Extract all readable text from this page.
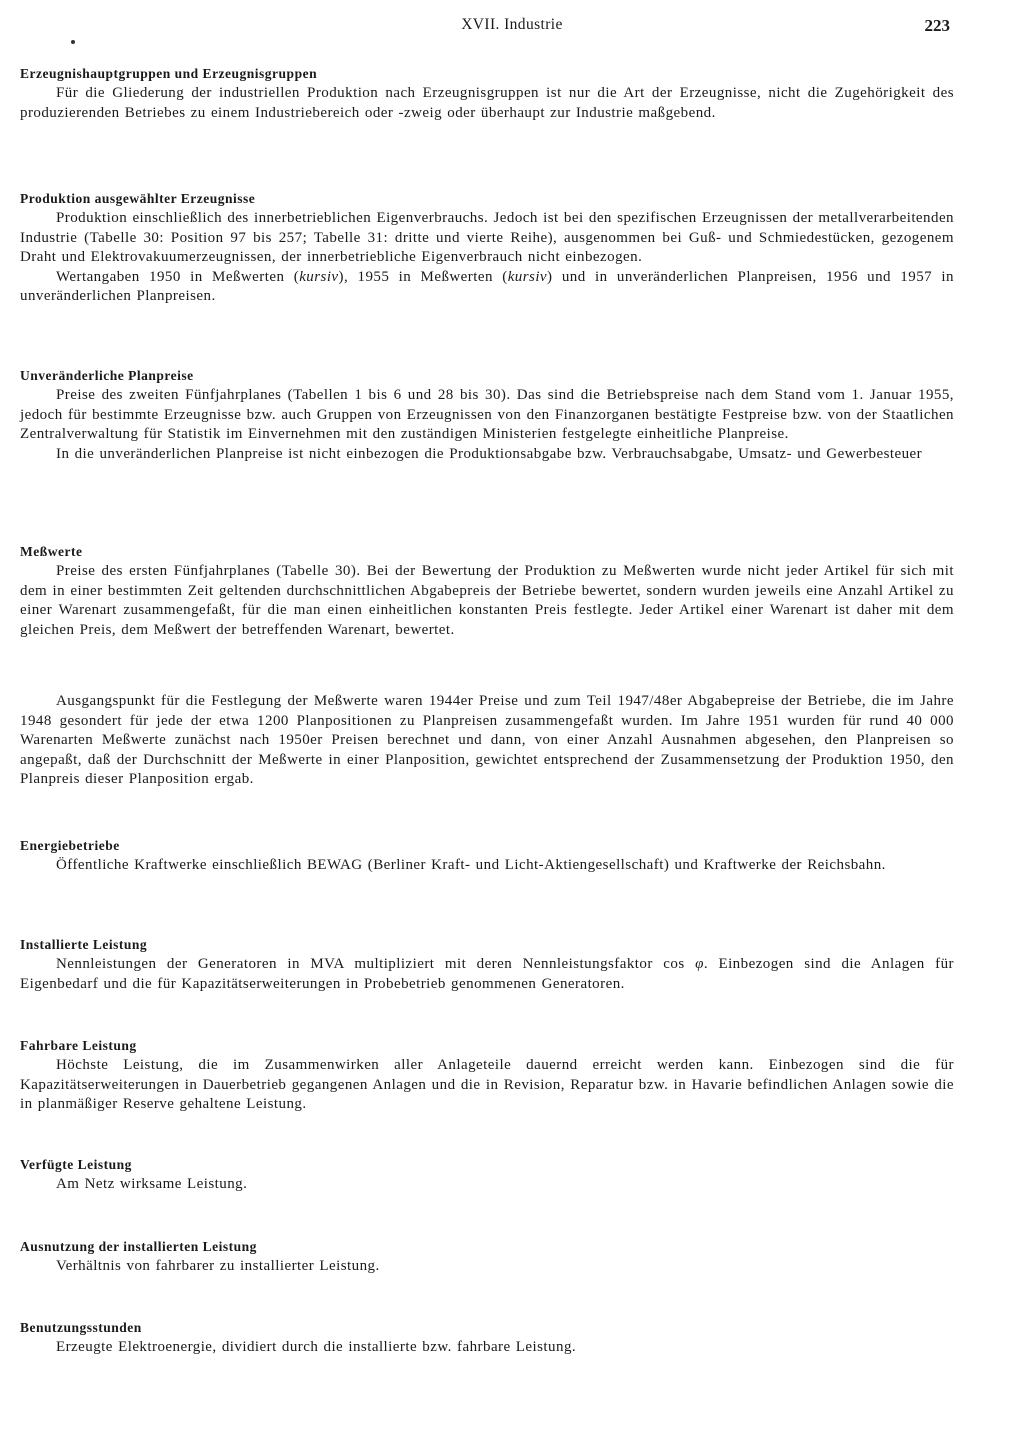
XVII. Industrie	223

Erzeugnishauptgruppen und Erzeugnisgruppen

Für die Gliederung der industriellen Produktion nach Erzeugnisgruppen ist nur die Art der Erzeugnisse, nicht die Zugehörigkeit des produzierenden Betriebes zu einem Industriebereich oder -zweig oder überhaupt zur Industrie maßgebend.

Produktion ausgewählter Erzeugnisse

Produktion einschließlich des innerbetrieblichen Eigenverbrauchs. Jedoch ist bei den spezifischen Erzeugnissen der metallverarbeitenden Industrie (Tabelle 30: Position 97 bis 257; Tabelle 31: dritte und vierte Reihe), ausgenommen bei Guß- und Schmiedestücken, gezogenem Draht und Elektrovakuumerzeugnissen, der innerbetriebliche Eigenverbrauch nicht einbezogen.

Wertangaben 1950 in Meßwerten (kursiv), 1955 in Meßwerten (kursiv) und in unveränderlichen Planpreisen, 1956 und 1957 in unveränderlichen Planpreisen.

Unveränderliche Planpreise

Preise des zweiten Fünfjahrplanes (Tabellen 1 bis 6 und 28 bis 30). Das sind die Betriebspreise nach dem Stand vom 1. Januar 1955, jedoch für bestimmte Erzeugnisse bzw. auch Gruppen von Erzeugnissen von den Finanzorganen bestätigte Festpreise bzw. von der Staatlichen Zentralverwaltung für Statistik im Einvernehmen mit den zuständigen Ministerien festgelegte einheitliche Planpreise.

In die unveränderlichen Planpreise ist nicht einbezogen die Produktionsabgabe bzw. Verbrauchsabgabe, Umsatz- und Gewerbesteuer

Meßwerte

Preise des ersten Fünfjahrplanes (Tabelle 30). Bei der Bewertung der Produktion zu Meßwerten wurde nicht jeder Artikel für sich mit dem in einer bestimmten Zeit geltenden durchschnittlichen Abgabepreis der Betriebe bewertet, sondern wurden jeweils eine Anzahl Artikel zu einer Warenart zusammengefaßt, für die man einen einheitlichen konstanten Preis festlegte. Jeder Artikel einer Warenart ist daher mit dem gleichen Preis, dem Meßwert der betreffenden Warenart, bewertet.

Ausgangspunkt für die Festlegung der Meßwerte waren 1944er Preise und zum Teil 1947/48er Abgabepreise der Betriebe, die im Jahre 1948 gesondert für jede der etwa 1200 Planpositionen zu Planpreisen zusammengefaßt wurden. Im Jahre 1951 wurden für rund 40 000 Warenarten Meßwerte zunächst nach 1950er Preisen berechnet und dann, von einer Anzahl Ausnahmen abgesehen, den Planpreisen so angepaßt, daß der Durchschnitt der Meßwerte in einer Planposition, gewichtet entsprechend der Zusammensetzung der Produktion 1950, den Planpreis dieser Planposition ergab.

Energiebetriebe

Öffentliche Kraftwerke einschließlich BEWAG (Berliner Kraft- und Licht-Aktiengesellschaft) und Kraftwerke der Reichsbahn.

Installierte Leistung

Nennleistungen der Generatoren in MVA multipliziert mit deren Nennleistungsfaktor cos φ. Einbezogen sind die Anlagen für Eigenbedarf und die für Kapazitätserweiterungen in Probebetrieb genommenen Generatoren.

Fahrbare Leistung

Höchste Leistung, die im Zusammenwirken aller Anlageteile dauernd erreicht werden kann. Einbezogen sind die für Kapazitätserweiterungen in Dauerbetrieb gegangenen Anlagen und die in Revision, Reparatur bzw. in Havarie befindlichen Anlagen sowie die in planmäßiger Reserve gehaltene Leistung.

Verfügte Leistung

Am Netz wirksame Leistung.

Ausnutzung der installierten Leistung

Verhältnis von fahrbarer zu installierter Leistung.

Benutzungsstunden

Erzeugte Elektroenergie, dividiert durch die installierte bzw. fahrbare Leistung.
